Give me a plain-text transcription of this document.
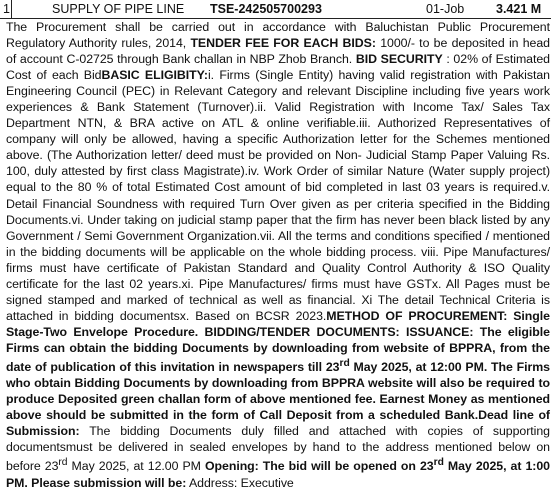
1	SUPPLY OF PIPE LINE TSE-242505700293	01-Job	3.421 M
The Procurement shall be carried out in accordance with Baluchistan Public Procurement Regulatory Authority rules, 2014, TENDER FEE FOR EACH BIDS: 1000/- to be deposited in head of account C-02725 through Bank challan in NBP Zhob Branch. BID SECURITY : 02% of Estimated Cost of each BidBASIC ELIGIBITY:i. Firms (Single Entity) having valid registration with Pakistan Engineering Council (PEC) in Relevant Category and relevant Discipline including five years work experiences & Bank Statement (Turnover).ii. Valid Registration with Income Tax/ Sales Tax Department NTN, & BRA active on ATL & online verifiable.iii. Authorized Representatives of company will only be allowed, having a specific Authorization letter for the Schemes mentioned above. (The Authorization letter/ deed must be provided on Non- Judicial Stamp Paper Valuing Rs. 100, duly attested by first class Magistrate).iv. Work Order of similar Nature (Water supply project) equal to the 80 % of total Estimated Cost amount of bid completed in last 03 years is required.v. Detail Financial Soundness with required Turn Over given as per criteria specified in the Bidding Documents.vi. Under taking on judicial stamp paper that the firm has never been black listed by any Government / Semi Government Organization.vii. All the terms and conditions specified / mentioned in the bidding documents will be applicable on the whole bidding process. viii. Pipe Manufactures/ firms must have certificate of Pakistan Standard and Quality Control Authority & ISO Quality certificate for the last 02 years.xi. Pipe Manufactures/ firms must have GSTx. All Pages must be signed stamped and marked of technical as well as financial. Xi The detail Technical Criteria is attached in bidding documentsx. Based on BCSR 2023.METHOD OF PROCUREMENT: Single Stage-Two Envelope Procedure. BIDDING/TENDER DOCUMENTS: ISSUANCE: The eligible Firms can obtain the bidding Documents by downloading from website of BPPRA, from the date of publication of this invitation in newspapers till 23rd May 2025, at 12:00 PM. The Firms who obtain Bidding Documents by downloading from BPPRA website will also be required to produce Deposited green challan form of above mentioned fee. Earnest Money as mentioned above should be submitted in the form of Call Deposit from a scheduled Bank.Dead line of Submission: The bidding Documents duly filled and attached with copies of supporting documentsmust be delivered in sealed envelopes by hand to the address mentioned below on before 23rd May 2025, at 12.00 PM Opening: The bid will be opened on 23rd May 2025, at 1:00 PM. Please submission will be: Address: Executive
